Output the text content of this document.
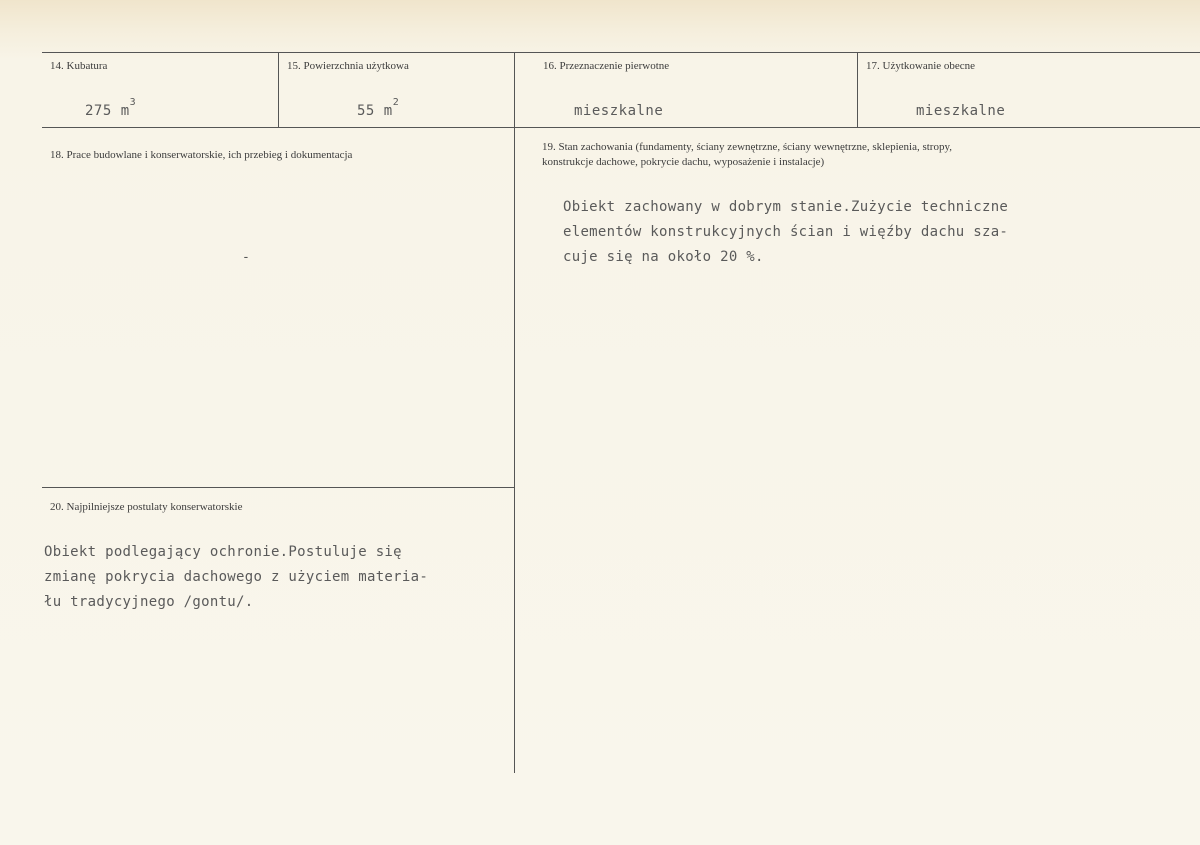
14. Kubatura
275 $m^3$
15. Powierzchnia użytkowa
55 $m^2$
16. Przeznaczenie pierwotne
mieszkalne
17. Użytkowanie obecne
mieszkalne
18. Prace budowlane i konserwatorskie, ich przebieg i dokumentacja
-
19. Stan zachowania (fundamenty, ściany zewnętrzne, ściany wewnętrzne, sklepienia, stropy,
konstrukcje dachowe, pokrycie dachu, wyposażenie i instalacje)
Obiekt zachowany w dobrym stanie.Zużycie techniczne
elementów konstrukcyjnych ścian i więźby dachu sza-
cuje się na około 20 %.
20. Najpilniejsze postulaty konserwatorskie
Obiekt podlegający ochronie.Postuluje się
zmianę pokrycia dachowego z użyciem materia-
łu tradycyjnego /gontu/.
